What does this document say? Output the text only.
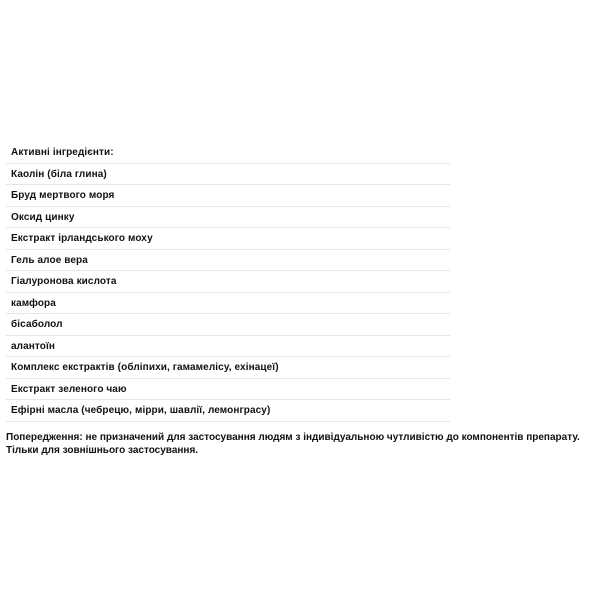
Активні інгредієнти:
Каолін (біла глина)
Бруд мертвого моря
Оксид цинку
Екстракт ірландського моху
Гель алое вера
Гіалуронова кислота
камфора
бісаболол
алантоїн
Комплекс екстрактів (обліпихи, гамамелісу, ехінацеї)
Екстракт зеленого чаю
Ефірні масла (чебрецю, мірри, шавлії, лемонграсу)

Попередження: не призначений для застосування людям з індивідуальною чутливістю до компонентів препарату. Тільки для зовнішнього застосування.
